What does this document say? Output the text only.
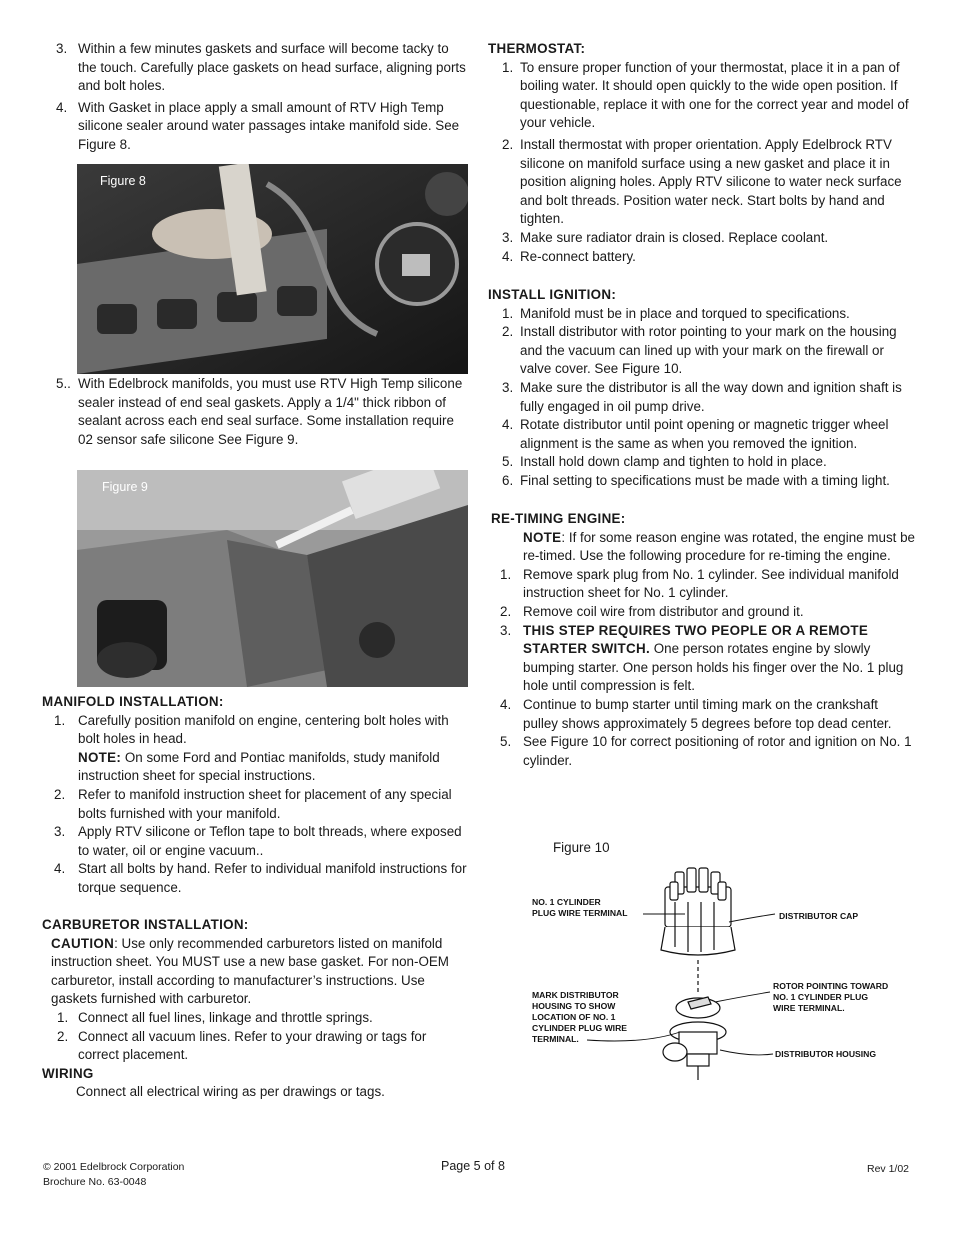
3. Within a few minutes gaskets and surface will become tacky to the touch. Carefully place gaskets on head surface, aligning ports and bolt holes.
4. With Gasket in place apply a small amount of RTV High Temp silicone sealer around water passages intake manifold side. See Figure 8.
Figure 8
5.. With Edelbrock manifolds, you must use RTV High Temp silicone sealer instead of end seal gaskets. Apply a 1/4" thick ribbon of sealant across each end seal surface. Some installation require 02 sensor safe silicone See Figure 9.
Figure 9
MANIFOLD INSTALLATION:
1. Carefully position manifold on engine, centering bolt holes with bolt holes in head.
NOTE: On some Ford and Pontiac manifolds, study manifold instruction sheet for special instructions.
2. Refer to manifold instruction sheet for placement of any special bolts furnished with your manifold.
3. Apply RTV silicone or Teflon tape to bolt threads, where exposed to water, oil or engine vacuum..
4. Start all bolts by hand. Refer to individual manifold instructions for torque sequence.
CARBURETOR INSTALLATION:
CAUTION: Use only recommended carburetors listed on manifold instruction sheet. You MUST use a new base gasket. For non-OEM carburetor, install according to manufacturer’s instructions. Use gaskets furnished with carburetor.
1. Connect all fuel lines, linkage and throttle springs.
2. Connect all vacuum lines. Refer to your drawing or tags for correct placement.
WIRING
Connect all electrical wiring as per drawings or tags.
THERMOSTAT:
1. To ensure proper function of your thermostat, place it in a pan of boiling water. It should open quickly to the wide open position. If questionable, replace it with one for the correct year and model of your vehicle.
2. Install thermostat with proper orientation. Apply Edelbrock RTV silicone on manifold surface using a new gasket and place it in position aligning holes. Apply RTV silicone to water neck surface and bolt threads. Position water neck. Start bolts by hand and tighten.
3. Make sure radiator drain is closed. Replace coolant.
4. Re-connect battery.
INSTALL IGNITION:
1. Manifold must be in place and torqued to specifications.
2. Install distributor with rotor pointing to your mark on the housing and the vacuum can lined up with your mark on the firewall or valve cover. See Figure 10.
3. Make sure the distributor is all the way down and ignition shaft is fully engaged in oil pump drive.
4. Rotate distributor until point opening or magnetic trigger wheel alignment is the same as when you removed the ignition.
5. Install hold down clamp and tighten to hold in place.
6. Final setting to specifications must be made with a timing light.
RE-TIMING ENGINE:
NOTE: If for some reason engine was rotated, the engine must be re-timed. Use the following procedure for re-timing the engine.
1. Remove spark plug from No. 1 cylinder. See individual manifold instruction sheet for No. 1 cylinder.
2. Remove coil wire from distributor and ground it.
3. THIS STEP REQUIRES TWO PEOPLE OR A REMOTE STARTER SWITCH. One person rotates engine by slowly bumping starter. One person holds his finger over the No. 1 plug hole until compression is felt.
4. Continue to bump starter until timing mark on the crankshaft pulley shows approximately 5 degrees before top dead center.
5. See Figure 10 for correct positioning of rotor and ignition on No. 1 cylinder.
Figure 10
NO. 1 CYLINDER
PLUG WIRE TERMINAL	DISTRIBUTOR CAP
ROTOR POINTING TOWARD
NO. 1 CYLINDER PLUG
WIRE TERMINAL.
MARK DISTRIBUTOR
HOUSING TO SHOW
LOCATION OF NO. 1
CYLINDER PLUG WIRE
TERMINAL.
DISTRIBUTOR HOUSING
© 2001 Edelbrock Corporation
Brochure No. 63-0048
Page 5 of 8	Rev 1/02
